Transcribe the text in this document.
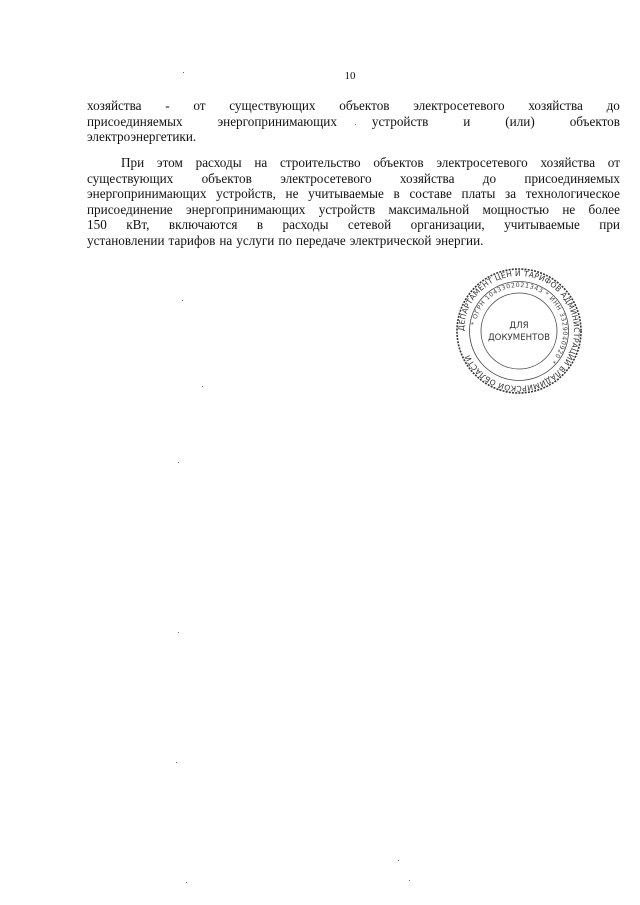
10
хозяйства - от существующих объектов электросетевого хозяйства до
присоединяемых	энергопринимающих	устройств	и	(или)	объектов
электроэнергетики.
При этом расходы на строительство объектов электросетевого хозяйства от
существующих объектов электросетевого хозяйства до присоединяемых
энергопринимающих устройств, не учитываемые в составе платы за технологическое
присоединение энергопринимающих устройств максимальной мощностью не более
150 кВт, включаются в расходы сетевой организации, учитываемые при
установлении тарифов на услуги по передаче электрической энергии.
ДЕПАРТАМЕНТ ЦЕН И ТАРИФОВ АДМИНИСТРАЦИИ ВЛАДИМИРСКОЙ ОБЛАСТИ
* ОГРН 1043302021343 * ИНН 3329040920 *
ДЛЯ
ДОКУМЕНТОВ
